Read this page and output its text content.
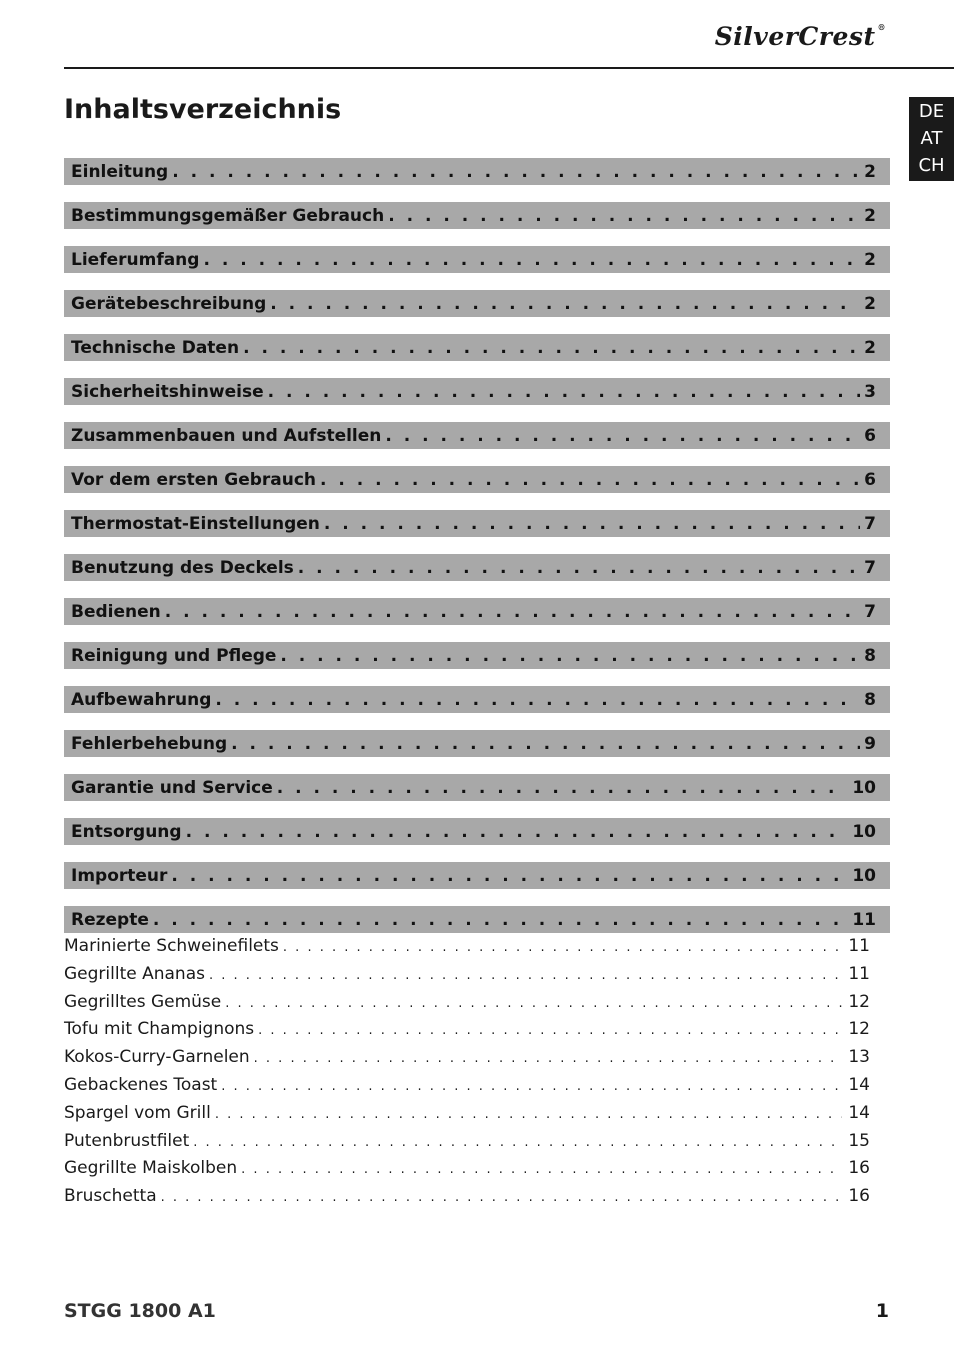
SilverCrest ®
DE
AT
CH
Inhaltsverzeichnis
Einleitung . . .	2
Bestimmungsgemäßer Gebrauch . . .	2
Lieferumfang . . .	2
Gerätebeschreibung . . .	2
Technische Daten . . .	2
Sicherheitshinweise . . .	3
Zusammenbauen und Aufstellen . . .	6
Vor dem ersten Gebrauch . . .	6
Thermostat-Einstellungen . . .	7
Benutzung des Deckels . . .	7
Bedienen . . .	7
Reinigung und Pflege . . .	8
Aufbewahrung . . .	8
Fehlerbehebung . . .	9
Garantie und Service . . .	10
Entsorgung . . .	10
Importeur . . .	10
Rezepte . . .	11
Marinierte Schweinefilets . . .	11
Gegrillte Ananas . . .	11
Gegrilltes Gemüse . . .	12
Tofu mit Champignons . . .	12
Kokos-Curry-Garnelen . . .	13
Gebackenes Toast . . .	14
Spargel vom Grill . . .	14
Putenbrustfilet . . .	15
Gegrillte Maiskolben . . .	16
Bruschetta . . .	16
STGG 1800 A1	1
